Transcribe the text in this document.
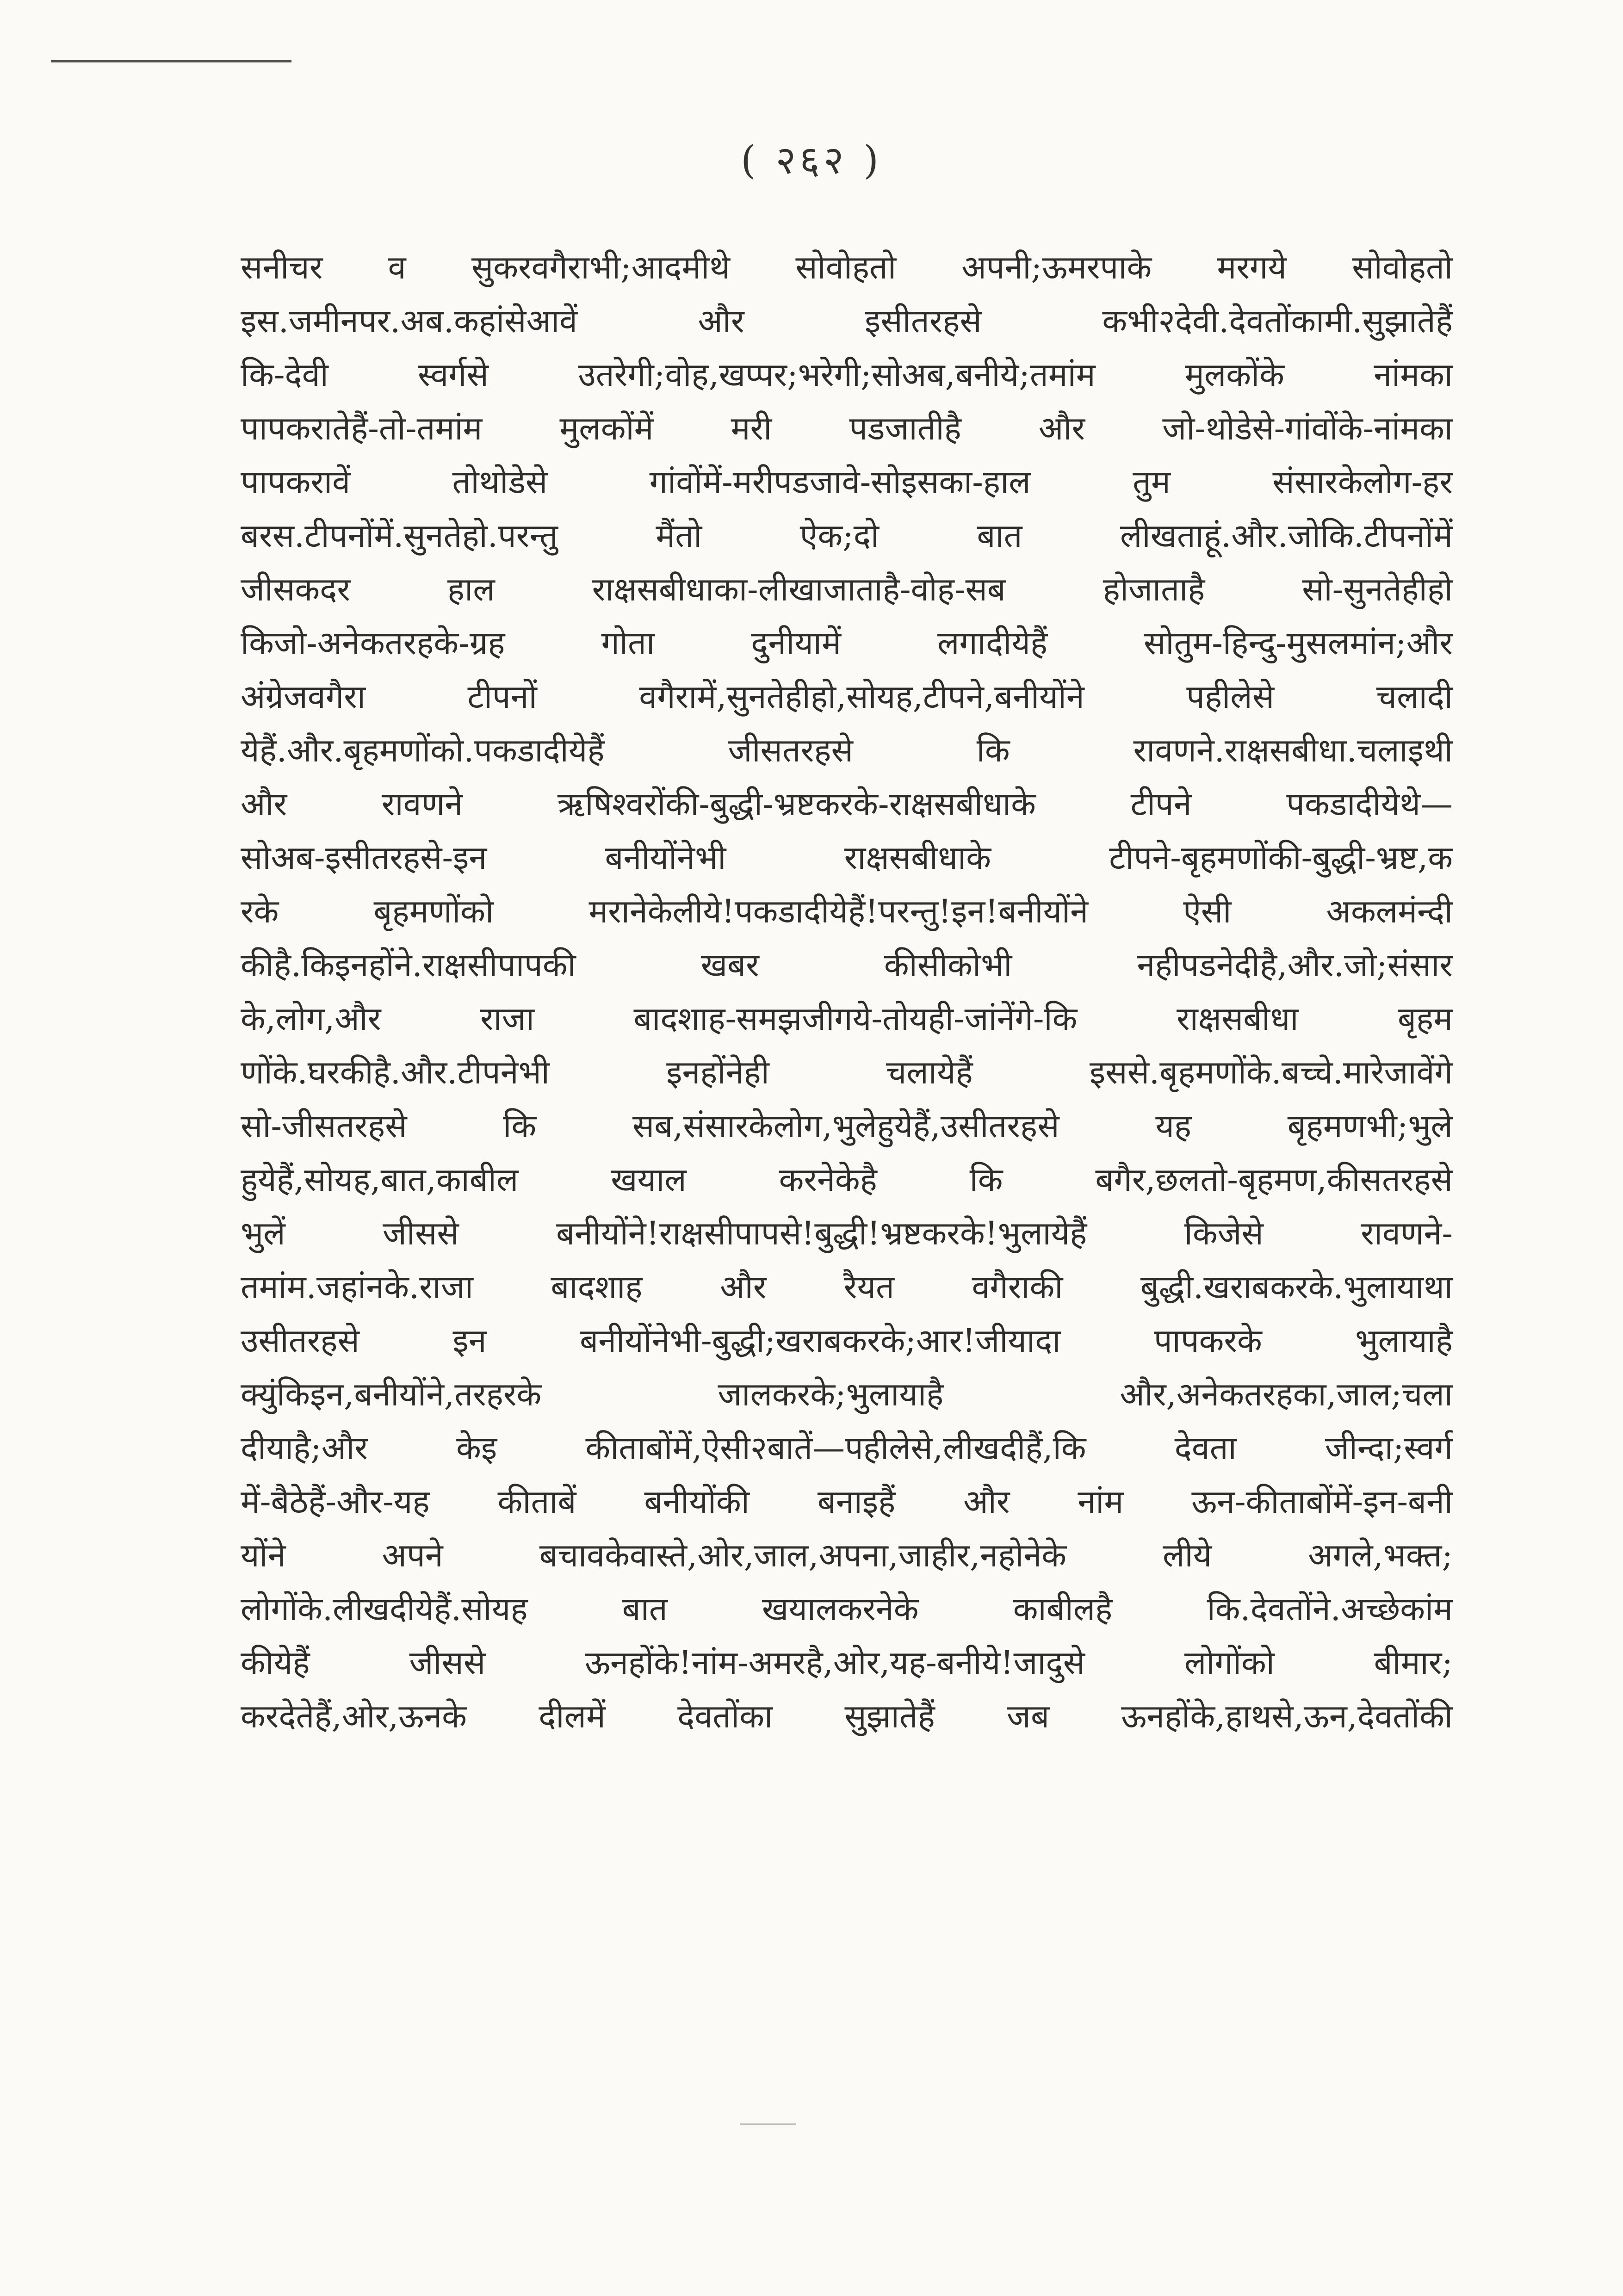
( २६२ )
सनीचर व सुकरवगैराभी;आदमीथे सोवोहतो अपनी;ऊमरपाके मरगये सोवोहतो
इस.जमीनपर.अब.कहांसेआवें और इसीतरहसे कभी२देवी.देवतोंकामी.सुझातेहैं
कि-देवी स्वर्गसे उतरेगी;वोह,खप्पर;भरेगी;सोअब,बनीये;तमांम मुलकोंके नांमका
पापकरातेहैं-तो-तमांम मुलकोंमें मरी पडजातीहै और जो-थोडेसे-गांवोंके-नांमका
पापकरावें तोथोडेसे गांवोंमें-मरीपडजावे-सोइसका-हाल तुम संसारकेलोग-हर
बरस.टीपनोंमें.सुनतेहो.परन्तु मैंतो ऐक;दो बात लीखताहूं.और.जोकि.टीपनोंमें
जीसकदर हाल राक्षसबीधाका-लीखाजाताहै-वोह-सब होजाताहै सो-सुनतेहीहो
किजो-अनेकतरहके-ग्रह गोता दुनीयामें लगादीयेहैं सोतुम-हिन्दु-मुसलमांन;और
अंग्रेजवगैरा टीपनों वगैरामें,सुनतेहीहो,सोयह,टीपने,बनीयोंने पहीलेसे चलादी
येहैं.और.बृहमणोंको.पकडादीयेहैं जीसतरहसे कि रावणने.राक्षसबीधा.चलाइथी
और रावणने ऋषिश्वरोंकी-बुद्धी-भ्रष्टकरके-राक्षसबीधाके टीपने पकडादीयेथे—
सोअब-इसीतरहसे-इन बनीयोंनेभी राक्षसबीधाके टीपने-बृहमणोंकी-बुद्धी-भ्रष्ट,क
रके बृहमणोंको मरानेकेलीये!पकडादीयेहैं!परन्तु!इन!बनीयोंने ऐसी अकलमंन्दी
कीहै.किइनहोंने.राक्षसीपापकी खबर कीसीकोभी नहीपडनेदीहै,और.जो;संसार
के,लोग,और राजा बादशाह-समझजीगये-तोयही-जांनेंगे-कि राक्षसबीधा बृहम
णोंके.घरकीहै.और.टीपनेभी इनहोंनेही चलायेहैं इससे.बृहमणोंके.बच्चे.मारेजावेंगे
सो-जीसतरहसे कि सब,संसारकेलोग,भुलेहुयेहैं,उसीतरहसे यह बृहमणभी;भुले
हुयेहैं,सोयह,बात,काबील खयाल करनेकेहै कि बगैर,छलतो-बृहमण,कीसतरहसे
भुलें जीससे बनीयोंने!राक्षसीपापसे!बुद्धी!भ्रष्टकरके!भुलायेहैं किजेसे रावणने-
तमांम.जहांनके.राजा बादशाह और रैयत वगैराकी बुद्धी.खराबकरके.भुलायाथा
उसीतरहसे इन बनीयोंनेभी-बुद्धी;खराबकरके;आर!जीयादा पापकरके भुलायाहै
क्युंकिइन,बनीयोंने,तरहरके जालकरके;भुलायाहै और,अनेकतरहका,जाल;चला
दीयाहै;और केइ कीताबोंमें,ऐसी२बातें—पहीलेसे,लीखदीहैं,कि देवता जीन्दा;स्वर्ग
में-बैठेहैं-और-यह कीताबें बनीयोंकी बनाइहैं और नांम ऊन-कीताबोंमें-इन-बनी
योंने अपने बचावकेवास्ते,ओर,जाल,अपना,जाहीर,नहोनेके लीये अगले,भक्त;
लोगोंके.लीखदीयेहैं.सोयह बात खयालकरनेके काबीलहै कि.देवतोंने.अच्छेकांम
कीयेहैं जीससे ऊनहोंके!नांम-अमरहै,ओर,यह-बनीये!जादुसे लोगोंको बीमार;
करदेतेहैं,ओर,ऊनके दीलमें देवतोंका सुझातेहैं जब ऊनहोंके,हाथसे,ऊन,देवतोंकी
